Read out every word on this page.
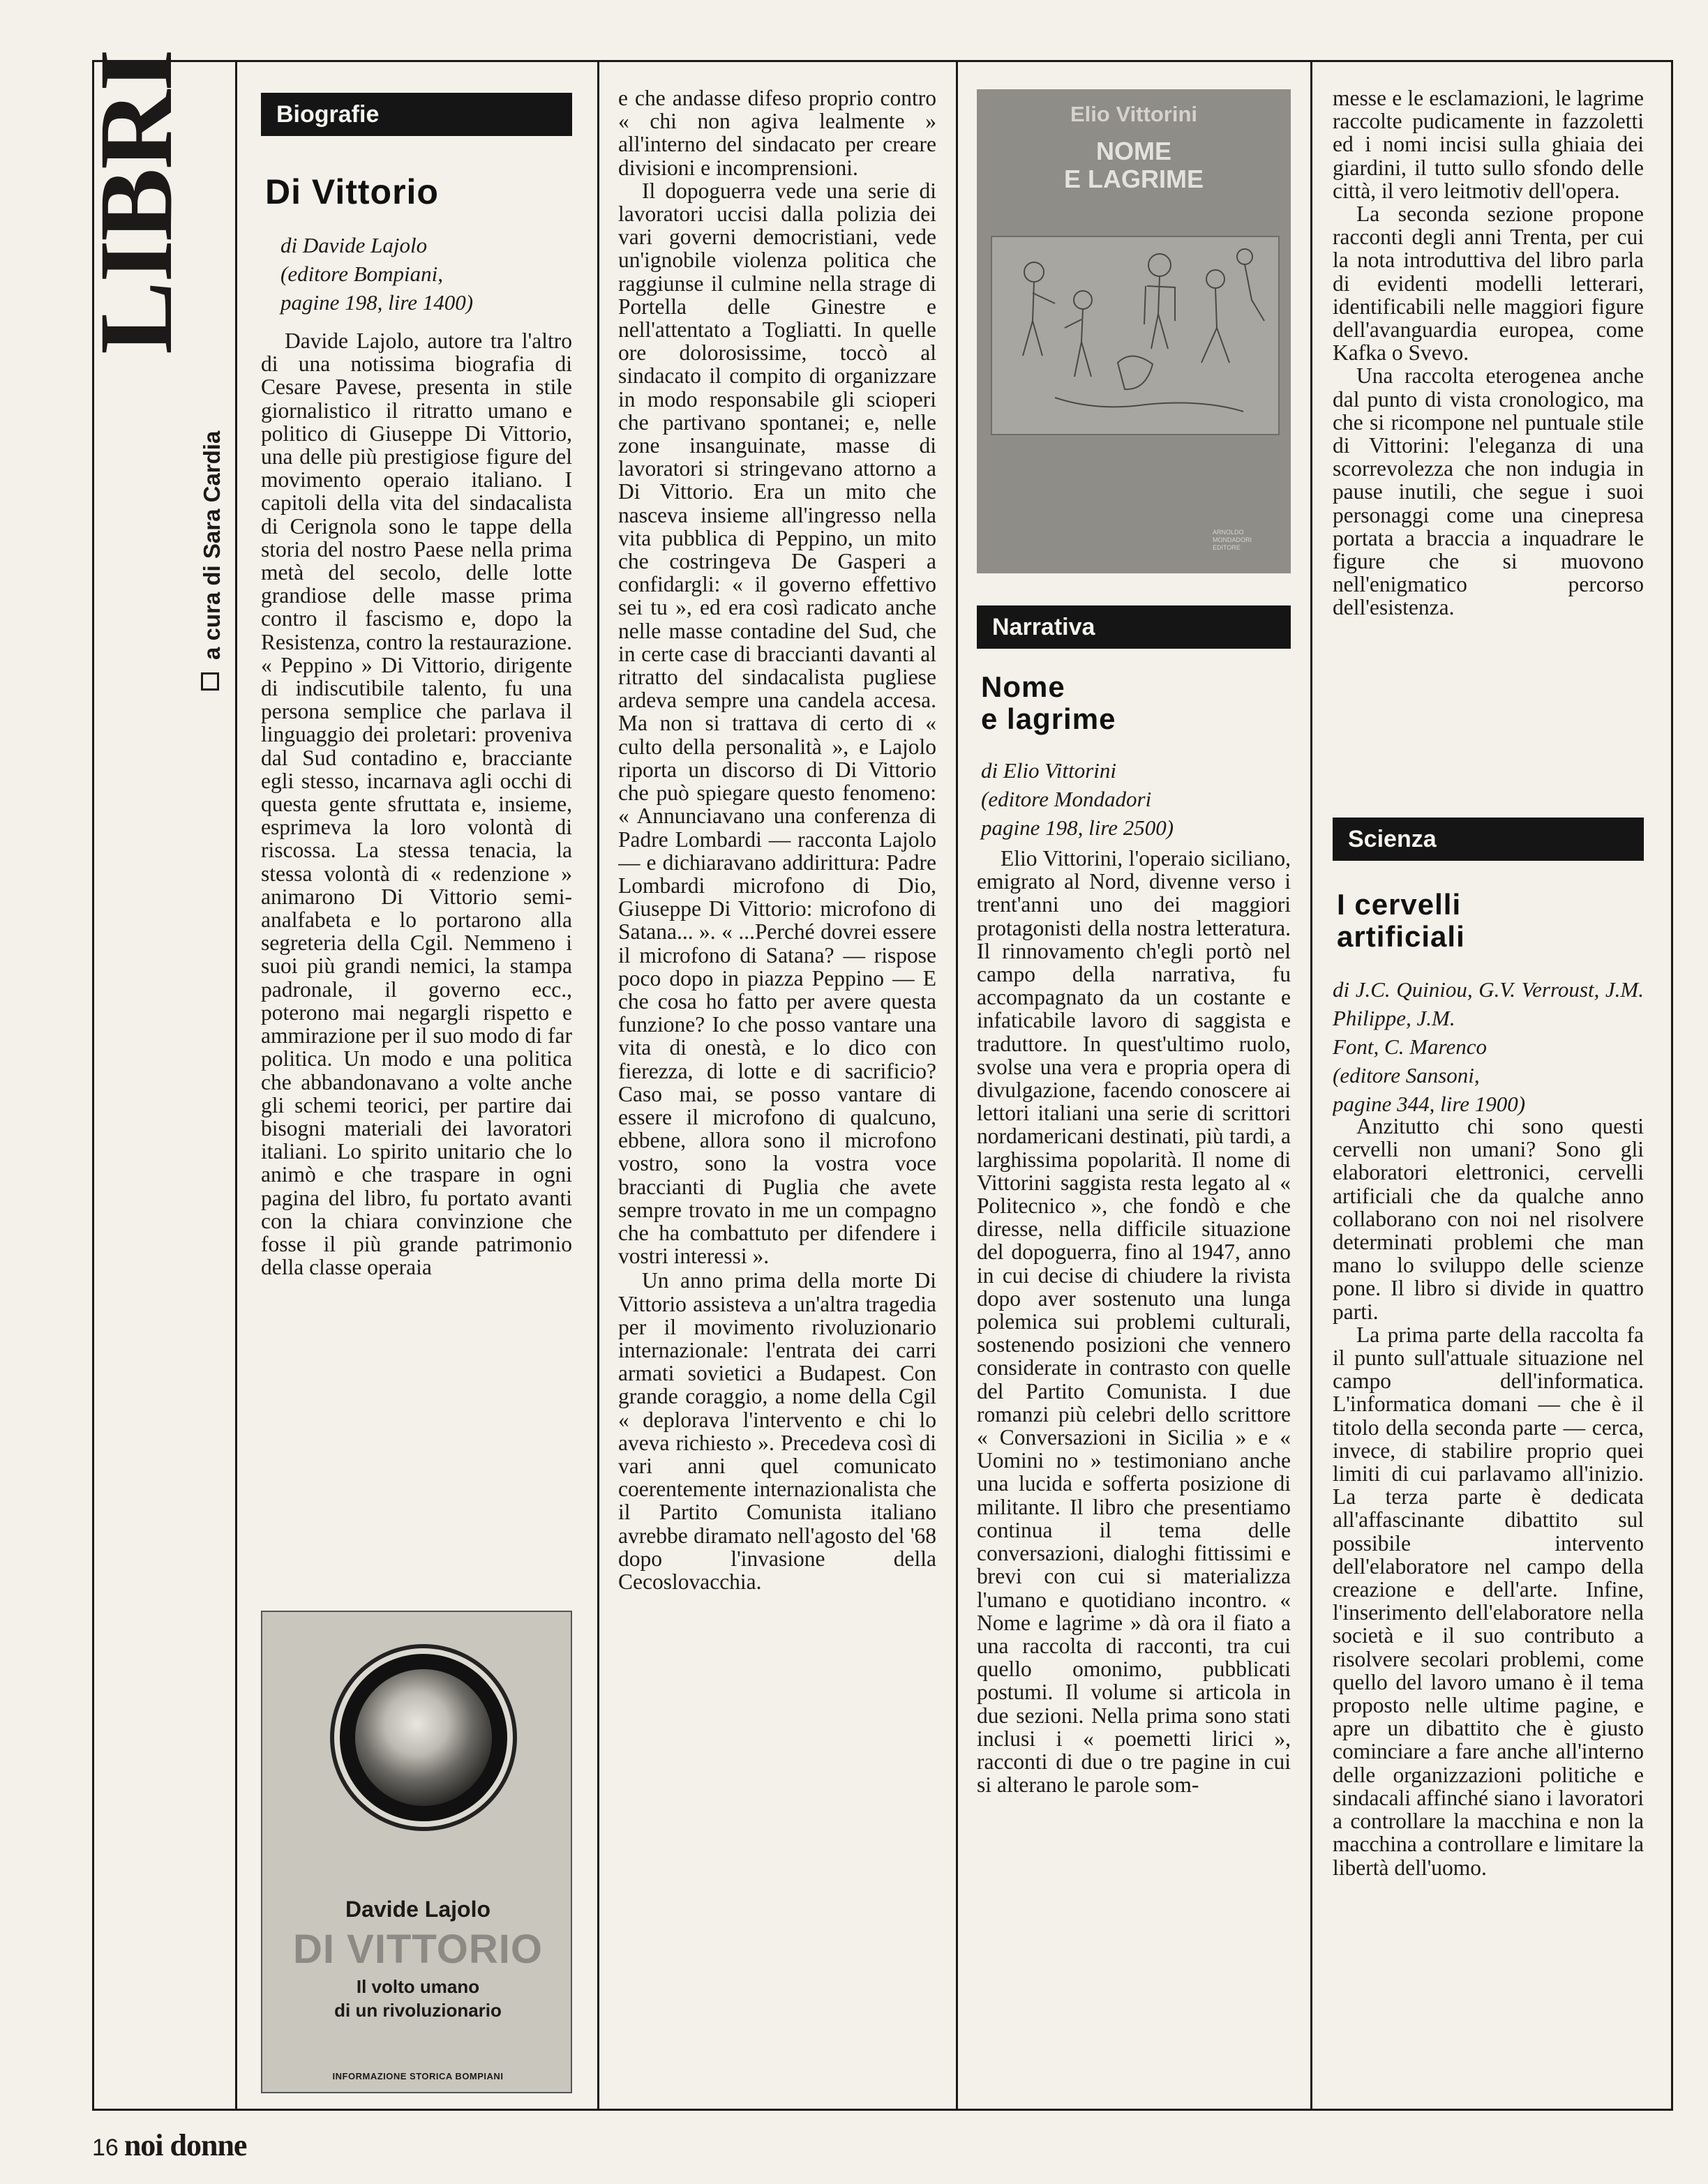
LIBRI
a cura di Sara Cardia
Biografie
Di Vittorio
di Davide Lajolo
(editore Bompiani,
pagine 198, lire 1400)

Davide Lajolo, autore tra l'altro di una notissima biografia di Cesare Pavese, presenta in stile giornalistico il ritratto umano e politico di Giuseppe Di Vittorio, una delle più prestigiose figure del movimento operaio italiano. I capitoli della vita del sindacalista di Cerignola sono le tappe della storia del nostro Paese nella prima metà del secolo, delle lotte grandiose delle masse prima contro il fascismo e, dopo la Resistenza, contro la restaurazione. « Peppino » Di Vittorio, dirigente di indiscutibile talento, fu una persona semplice che parlava il linguaggio dei proletari: proveniva dal Sud contadino e, bracciante egli stesso, incarnava agli occhi di questa gente sfruttata e, insieme, esprimeva la loro volontà di riscossa. La stessa tenacia, la stessa volontà di « redenzione » animarono Di Vittorio semi-analfabeta e lo portarono alla segreteria della Cgil. Nemmeno i suoi più grandi nemici, la stampa padronale, il governo ecc., poterono mai negargli rispetto e ammirazione per il suo modo di far politica. Un modo e una politica che abbandonavano a volte anche gli schemi teorici, per partire dai bisogni materiali dei lavoratori italiani. Lo spirito unitario che lo animò e che traspare in ogni pagina del libro, fu portato avanti con la chiara convinzione che fosse il più grande patrimonio della classe operaia

Davide Lajolo
DI VITTORIO
Il volto umano
di un rivoluzionario
INFORMAZIONE STORICA BOMPIANI

e che andasse difeso proprio contro « chi non agiva lealmente » all'interno del sindacato per creare divisioni e incomprensioni.

Il dopoguerra vede una serie di lavoratori uccisi dalla polizia dei vari governi democristiani, vede un'ignobile violenza politica che raggiunse il culmine nella strage di Portella delle Ginestre e nell'attentato a Togliatti. In quelle ore dolorosissime, toccò al sindacato il compito di organizzare in modo responsabile gli scioperi che partivano spontanei; e, nelle zone insanguinate, masse di lavoratori si stringevano attorno a Di Vittorio. Era un mito che nasceva insieme all'ingresso nella vita pubblica di Peppino, un mito che costringeva De Gasperi a confidargli: « il governo effettivo sei tu », ed era così radicato anche nelle masse contadine del Sud, che in certe case di braccianti davanti al ritratto del sindacalista pugliese ardeva sempre una candela accesa. Ma non si trattava di certo di « culto della personalità », e Lajolo riporta un discorso di Di Vittorio che può spiegare questo fenomeno: « Annunciavano una conferenza di Padre Lombardi — racconta Lajolo — e dichiaravano addirittura: Padre Lombardi microfono di Dio, Giuseppe Di Vittorio: microfono di Satana... ». « ...Perché dovrei essere il microfono di Satana? — rispose poco dopo in piazza Peppino — E che cosa ho fatto per avere questa funzione? Io che posso vantare una vita di onestà, e lo dico con fierezza, di lotte e di sacrificio? Caso mai, se posso vantare di essere il microfono di qualcuno, ebbene, allora sono il microfono vostro, sono la vostra voce braccianti di Puglia che avete sempre trovato in me un compagno che ha combattuto per difendere i vostri interessi ».

Un anno prima della morte Di Vittorio assisteva a un'altra tragedia per il movimento rivoluzionario internazionale: l'entrata dei carri armati sovietici a Budapest. Con grande coraggio, a nome della Cgil « deplorava l'intervento e chi lo aveva richiesto ». Precedeva così di vari anni quel comunicato coerentemente internazionalista che il Partito Comunista italiano avrebbe diramato nell'agosto del '68 dopo l'invasione della Cecoslovacchia.

Elio Vittorini
NOME
E LAGRIME
ARNOLDO MONDADORI EDITORE
Narrativa
Nome
e lagrime
di Elio Vittorini
(editore Mondadori
pagine 198, lire 2500)

Elio Vittorini, l'operaio siciliano, emigrato al Nord, divenne verso i trent'anni uno dei maggiori protagonisti della nostra letteratura. Il rinnovamento ch'egli portò nel campo della narrativa, fu accompagnato da un costante e infaticabile lavoro di saggista e traduttore. In quest'ultimo ruolo, svolse una vera e propria opera di divulgazione, facendo conoscere ai lettori italiani una serie di scrittori nordamericani destinati, più tardi, a larghissima popolarità. Il nome di Vittorini saggista resta legato al « Politecnico », che fondò e che diresse, nella difficile situazione del dopoguerra, fino al 1947, anno in cui decise di chiudere la rivista dopo aver sostenuto una lunga polemica sui problemi culturali, sostenendo posizioni che vennero considerate in contrasto con quelle del Partito Comunista. I due romanzi più celebri dello scrittore « Conversazioni in Sicilia » e « Uomini no » testimoniano anche una lucida e sofferta posizione di militante. Il libro che presentiamo continua il tema delle conversazioni, dialoghi fittissimi e brevi con cui si materializza l'umano e quotidiano incontro. « Nome e lagrime » dà ora il fiato a una raccolta di racconti, tra cui quello omonimo, pubblicati postumi. Il volume si articola in due sezioni. Nella prima sono stati inclusi i « poemetti lirici », racconti di due o tre pagine in cui si alterano le parole som-

messe e le esclamazioni, le lagrime raccolte pudicamente in fazzoletti ed i nomi incisi sulla ghiaia dei giardini, il tutto sullo sfondo delle città, il vero leitmotiv dell'opera.

La seconda sezione propone racconti degli anni Trenta, per cui la nota introduttiva del libro parla di evidenti modelli letterari, identificabili nelle maggiori figure dell'avanguardia europea, come Kafka o Svevo.

Una raccolta eterogenea anche dal punto di vista cronologico, ma che si ricompone nel puntuale stile di Vittorini: l'eleganza di una scorrevolezza che non indugia in pause inutili, che segue i suoi personaggi come una cinepresa portata a braccia a inquadrare le figure che si muovono nell'enigmatico percorso dell'esistenza.

Scienza
I cervelli
artificiali
di J.C. Quiniou, G.V. Verroust, J.M. Philippe, J.M.
Font, C. Marenco
(editore Sansoni,
pagine 344, lire 1900)

Anzitutto chi sono questi cervelli non umani? Sono gli elaboratori elettronici, cervelli artificiali che da qualche anno collaborano con noi nel risolvere determinati problemi che man mano lo sviluppo delle scienze pone. Il libro si divide in quattro parti.

La prima parte della raccolta fa il punto sull'attuale situazione nel campo dell'informatica. L'informatica domani — che è il titolo della seconda parte — cerca, invece, di stabilire proprio quei limiti di cui parlavamo all'inizio. La terza parte è dedicata all'affascinante dibattito sul possibile intervento dell'elaboratore nel campo della creazione e dell'arte. Infine, l'inserimento dell'elaboratore nella società e il suo contributo a risolvere secolari problemi, come quello del lavoro umano è il tema proposto nelle ultime pagine, e apre un dibattito che è giusto cominciare a fare anche all'interno delle organizzazioni politiche e sindacali affinché siano i lavoratori a controllare la macchina e non la macchina a controllare e limitare la libertà dell'uomo.

16 noi donne
